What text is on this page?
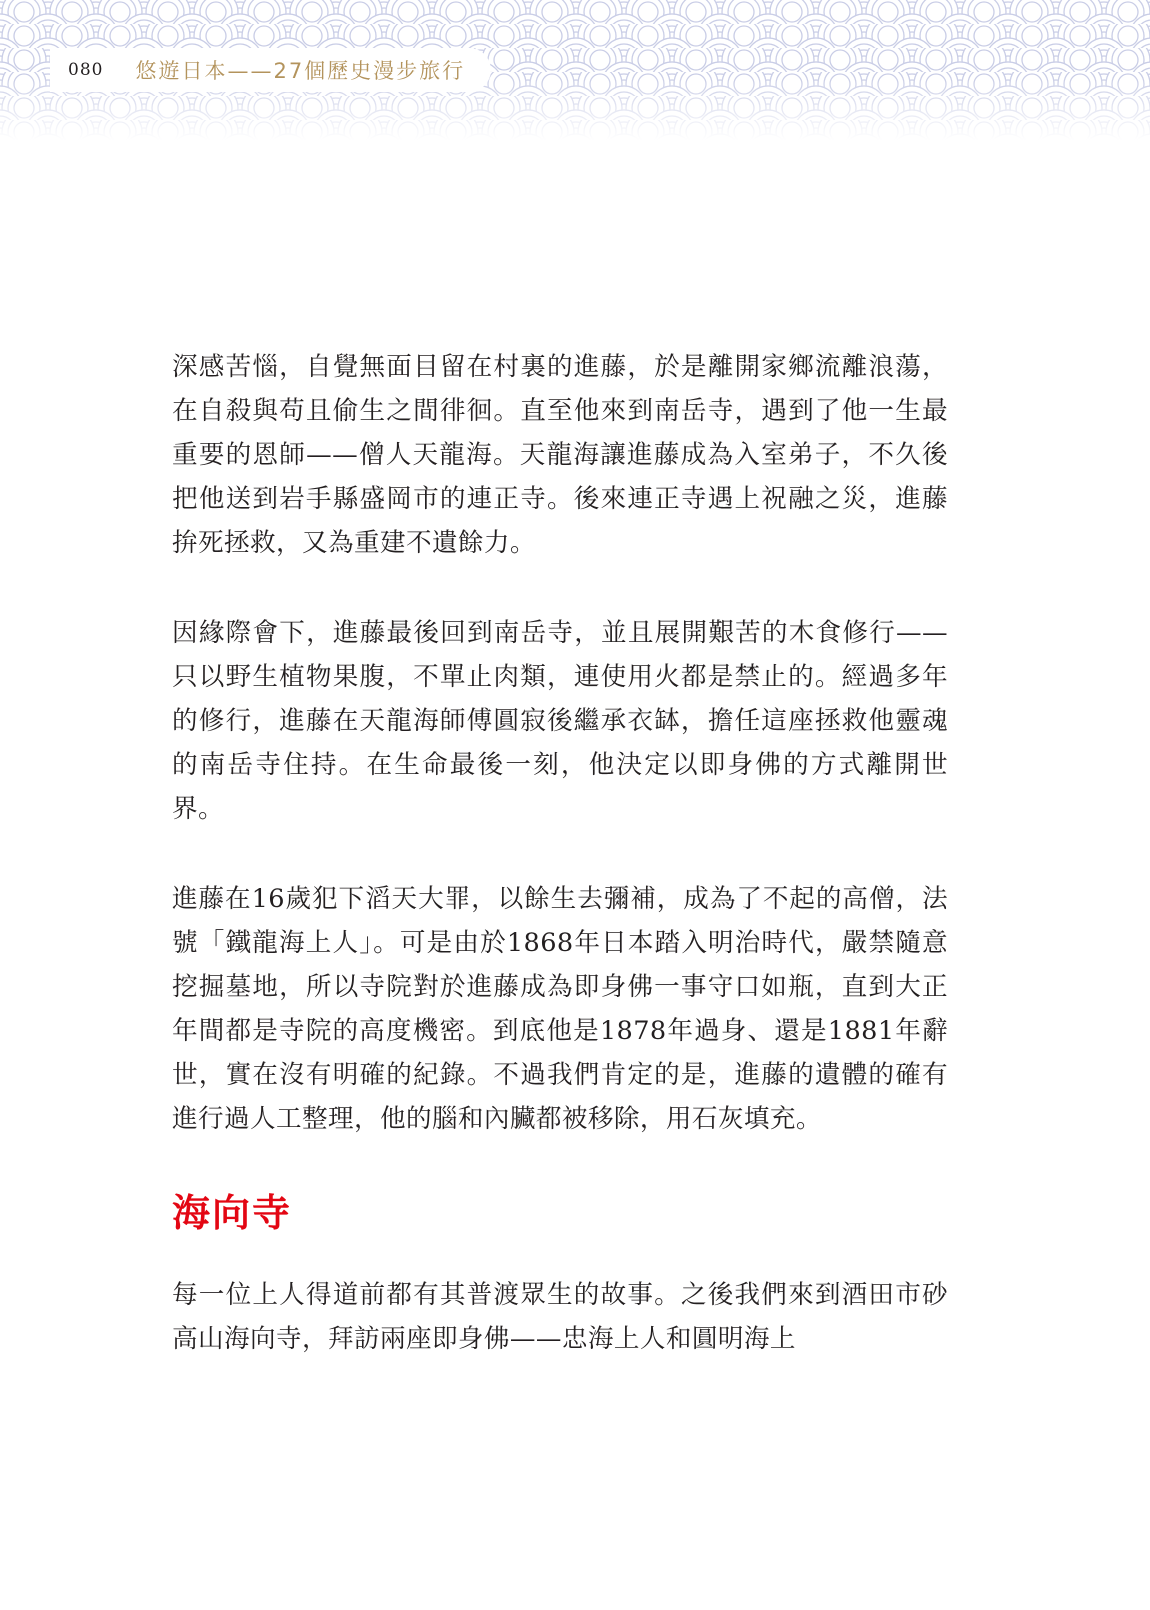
080 悠遊日本——27個歷史漫步旅行

深感苦惱，自覺無面目留在村裏的進藤，於是離開家鄉流離浪蕩，在自殺與苟且偷生之間徘徊。直至他來到南岳寺，遇到了他一生最重要的恩師——僧人天龍海。天龍海讓進藤成為入室弟子，不久後把他送到岩手縣盛岡市的連正寺。後來連正寺遇上祝融之災，進藤拚死拯救，又為重建不遺餘力。

因緣際會下，進藤最後回到南岳寺，並且展開艱苦的木食修行——只以野生植物果腹，不單止肉類，連使用火都是禁止的。經過多年的修行，進藤在天龍海師傅圓寂後繼承衣缽，擔任這座拯救他靈魂的南岳寺住持。在生命最後一刻，他決定以即身佛的方式離開世界。

進藤在16歲犯下滔天大罪，以餘生去彌補，成為了不起的高僧，法號「鐵龍海上人」。可是由於1868年日本踏入明治時代，嚴禁隨意挖掘墓地，所以寺院對於進藤成為即身佛一事守口如瓶，直到大正年間都是寺院的高度機密。到底他是1878年過身、還是1881年辭世，實在沒有明確的紀錄。不過我們肯定的是，進藤的遺體的確有進行過人工整理，他的腦和內臟都被移除，用石灰填充。

海向寺

每一位上人得道前都有其普渡眾生的故事。之後我們來到酒田市砂高山海向寺，拜訪兩座即身佛——忠海上人和圓明海上
